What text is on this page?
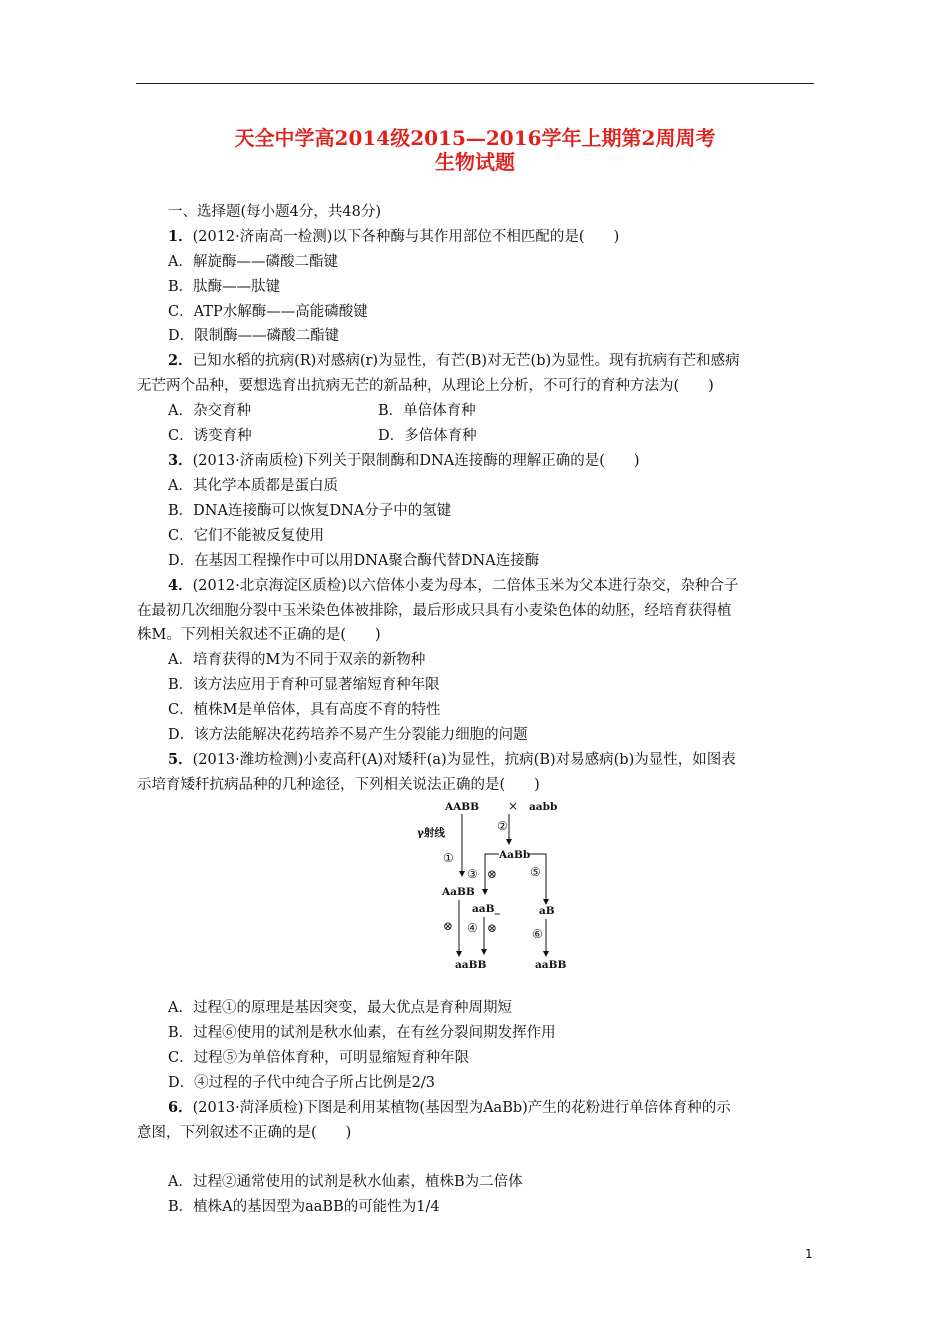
天全中学高2014级2015—2016学年上期第2周周考
生物试题
一、选择题(每小题4分，共48分)
1．(2012·济南高一检测)以下各种酶与其作用部位不相匹配的是(　　)
A．解旋酶——磷酸二酯键
B．肽酶——肽键
C．ATP水解酶——高能磷酸键
D．限制酶——磷酸二酯键
2．已知水稻的抗病(R)对感病(r)为显性，有芒(B)对无芒(b)为显性。现有抗病有芒和感病
无芒两个品种，要想选育出抗病无芒的新品种，从理论上分析，不可行的育种方法为(　　)
A．杂交育种	B．单倍体育种
C．诱变育种	D．多倍体育种
3．(2013·济南质检)下列关于限制酶和DNA连接酶的理解正确的是(　　)
A．其化学本质都是蛋白质
B．DNA连接酶可以恢复DNA分子中的氢键
C．它们不能被反复使用
D．在基因工程操作中可以用DNA聚合酶代替DNA连接酶
4．(2012·北京海淀区质检)以六倍体小麦为母本，二倍体玉米为父本进行杂交，杂种合子
在最初几次细胞分裂中玉米染色体被排除，最后形成只具有小麦染色体的幼胚，经培育获得植
株M。下列相关叙述不正确的是(　　)
A．培育获得的M为不同于双亲的新物种
B．该方法应用于育种可显著缩短育种年限
C．植株M是单倍体，具有高度不育的特性
D．该方法能解决花药培养不易产生分裂能力细胞的问题
5．(2013·潍坊检测)小麦高秆(A)对矮秆(a)为显性，抗病(B)对易感病(b)为显性，如图表
示培育矮秆抗病品种的几种途径，下列相关说法正确的是(　　)
AABB × aabb
γ射线
①
②
AaBb
③ ⊗	⑤
AaBB
aaB_	aB
⊗ ④ ⊗	⑥
aaBB	aaBB
A．过程①的原理是基因突变，最大优点是育种周期短
B．过程⑥使用的试剂是秋水仙素，在有丝分裂间期发挥作用
C．过程⑤为单倍体育种，可明显缩短育种年限
D．④过程的子代中纯合子所占比例是2/3
6．(2013·菏泽质检)下图是利用某植物(基因型为AaBb)产生的花粉进行单倍体育种的示
意图，下列叙述不正确的是(　　)
A．过程②通常使用的试剂是秋水仙素，植株B为二倍体
B．植株A的基因型为aaBB的可能性为1/4
1
